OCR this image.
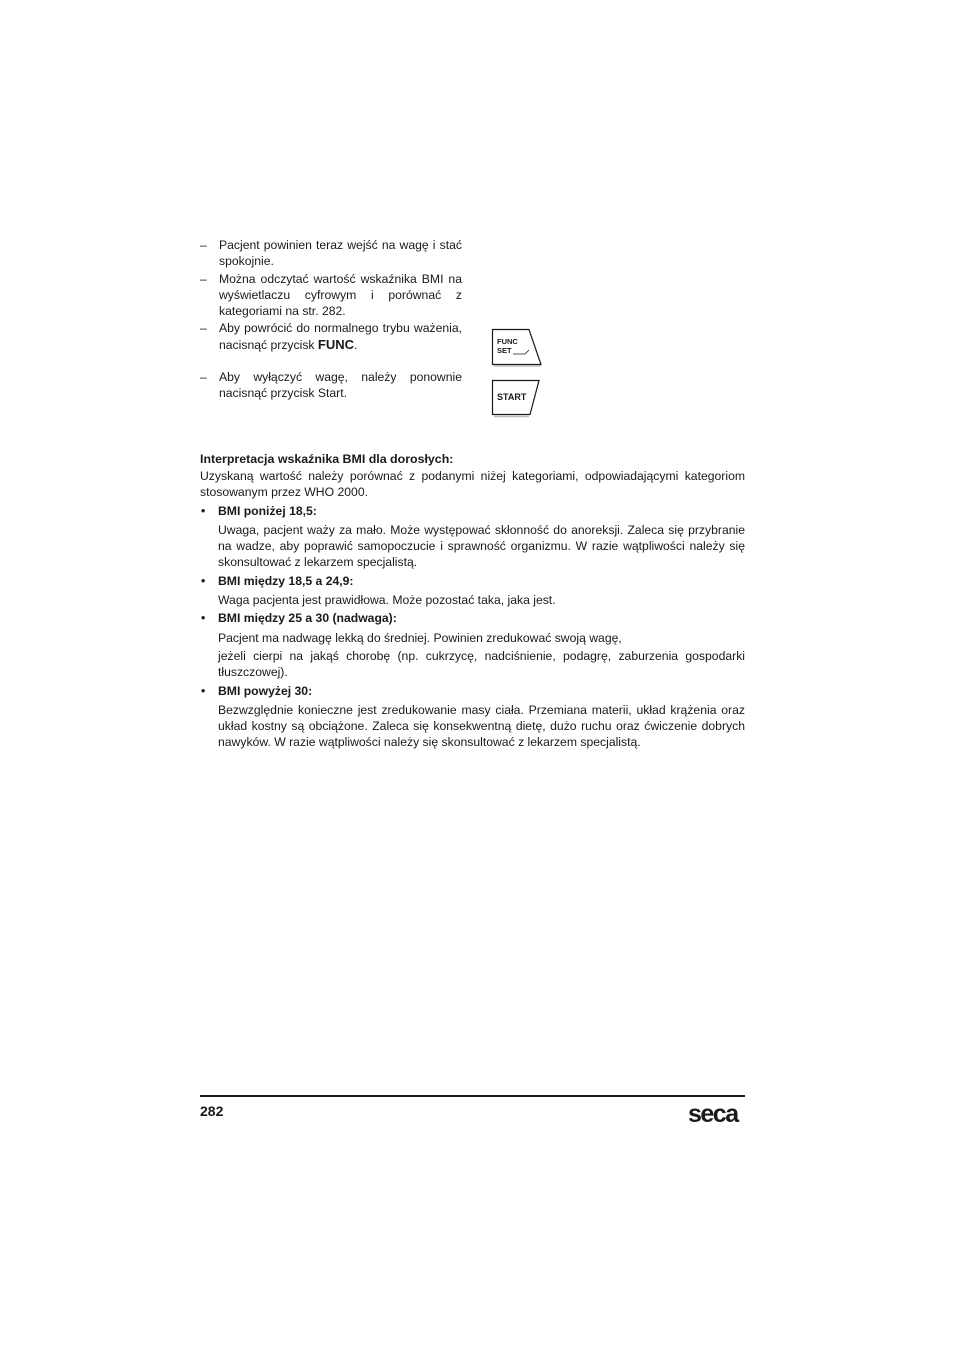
– Pacjent powinien teraz wejść na wagę i stać spokojnie.
– Można odczytać wartość wskaźnika BMI na wyświetlaczu cyfrowym i porównać z kategoriami na str. 282.
– Aby powrócić do normalnego trybu ważenia, nacisnąć przycisk FUNC.
– Aby wyłączyć wagę, należy ponownie nacisnąć przycisk Start.
FUNC
SET
START
Interpretacja wskaźnika BMI dla dorosłych:

Uzyskaną wartość należy porównać z podanymi niżej kategoriami, odpowiadającymi kategoriom stosowanym przez WHO 2000.

• BMI poniżej 18,5:

Uwaga, pacjent waży za mało. Może występować skłonność do anoreksji. Zaleca się przybranie na wadze, aby poprawić samopoczucie i sprawność organizmu. W razie wątpliwości należy się skonsultować z lekarzem specjalistą.

• BMI między 18,5 a 24,9:

Waga pacjenta jest prawidłowa. Może pozostać taka, jaka jest.

• BMI między 25 a 30 (nadwaga):

Pacjent ma nadwagę lekką do średniej. Powinien zredukować swoją wagę,

jeżeli cierpi na jakąś chorobę (np. cukrzycę, nadciśnienie, podagrę, zaburzenia gospodarki tłuszczowej).

• BMI powyżej 30:

Bezwzględnie konieczne jest zredukowanie masy ciała. Przemiana materii, układ krążenia oraz układ kostny są obciążone. Zaleca się konsekwentną dietę, dużo ruchu oraz ćwiczenie dobrych nawyków. W razie wątpliwości należy się skonsultować z lekarzem specjalistą.

282	seca
